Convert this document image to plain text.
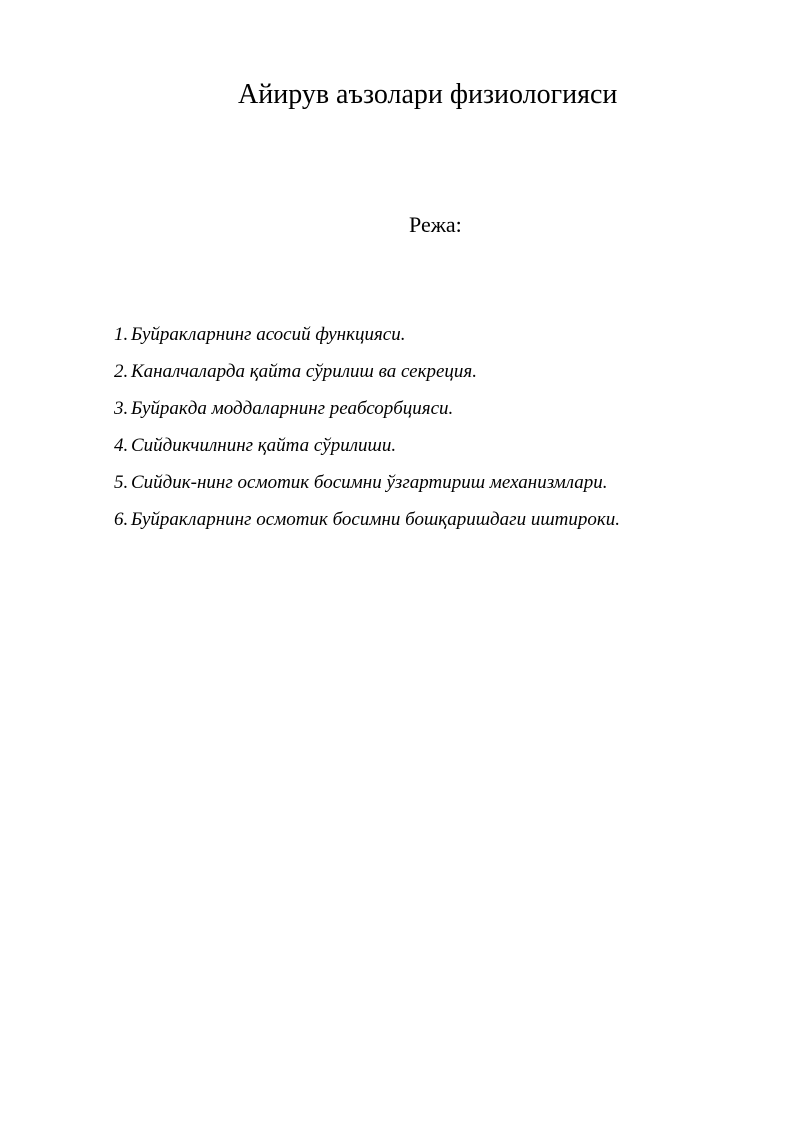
Айирув аъзолари физиологияси
Режа:
1. Буйракларнинг асосий функцияси.
2. Каналчаларда қайта сўрилиш ва секреция.
3. Буйракда моддаларнинг реабсорбцияси.
4. Сийдикчилнинг қайта сўрилиши.
5. Сийдик-нинг осмотик босимни ўзгартириш механизмлари.
6. Буйракларнинг осмотик босимни бошқаришдаги иштироки.
